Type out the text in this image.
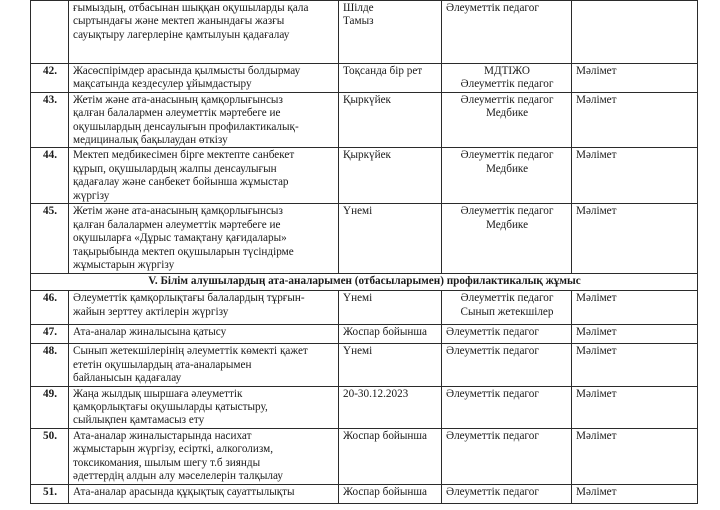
	ғымыздың, отбасынан шыққан оқушыларды қала
сыртындағы және мектеп жанындағы жазғы
сауықтыру лагерлеріне қамтылуын қадағалау	Шілде
Тамыз	Әлеуметтік педагог	

42.	Жасөспірімдер арасында қылмысты болдырмау
мақсатында кездесулер ұйымдастыру	Тоқсанда бір рет	МДТІЖО
Әлеуметтік педагог	Мәлімет
43.	Жетім және ата-анасының қамқорлығынсыз
қалған балалармен әлеуметтік мәртебеге ие
оқушылардың денсаулығын профилактикалық-
медициналық бақылаудан өткізу	Қыркүйек	Әлеуметтік педагог
Медбике	Мәлімет
44.	Мектеп медбикесімен бірге мектепте санбекет
құрып, оқушылардың жалпы денсаулығын
қадағалау және санбекет бойынша жұмыстар
жүргізу	Қыркүйек	Әлеуметтік педагог
Медбике	Мәлімет
45.	Жетім және ата-анасының қамқорлығынсыз
қалған балалармен әлеуметтік мәртебеге ие
оқушыларға «Дұрыс тамақтану қағидалары»
тақырыбында мектеп оқушыларын түсіндірме
жұмыстарын жүргізу	Үнемі	Әлеуметтік педагог
Медбике	Мәлімет
V. Білім алушылардың ата-аналарымен (отбасыларымен) профилактикалық жұмыс				
46.	Әлеуметтік қамқорлықтағы балалардың тұрғын-
жайын зерттеу актілерін жүргізу	Үнемі	Әлеуметтік педагог
Сынып жетекшілер	Мәлімет
47.	Ата-аналар жиналысына қатысу	Жоспар бойынша	Әлеуметтік педагог	Мәлімет
48.	Сынып жетекшілерінің әлеуметтік көмекті қажет
ететін оқушылардың ата-аналарымен
байланысын қадағалау	Үнемі	Әлеуметтік педагог	Мәлімет
49.	Жаңа жылдық шыршаға әлеуметтік
қамқорлықтағы оқушыларды қатыстыру,
сыйлықпен қамтамасыз ету	20-30.12.2023	Әлеуметтік педагог	Мәлімет
50.	Ата-аналар жиналыстарында насихат
жұмыстарын жүргізу, есірткі, алкоголизм,
токсикомания, шылым шегу т.б зиянды
әдеттердің алдын алу мәселелерін талқылау	Жоспар бойынша	Әлеуметтік педагог	Мәлімет
51.	Ата-аналар арасында құқықтық сауаттылықты	Жоспар бойынша	Әлеуметтік педагог	Мәлімет
